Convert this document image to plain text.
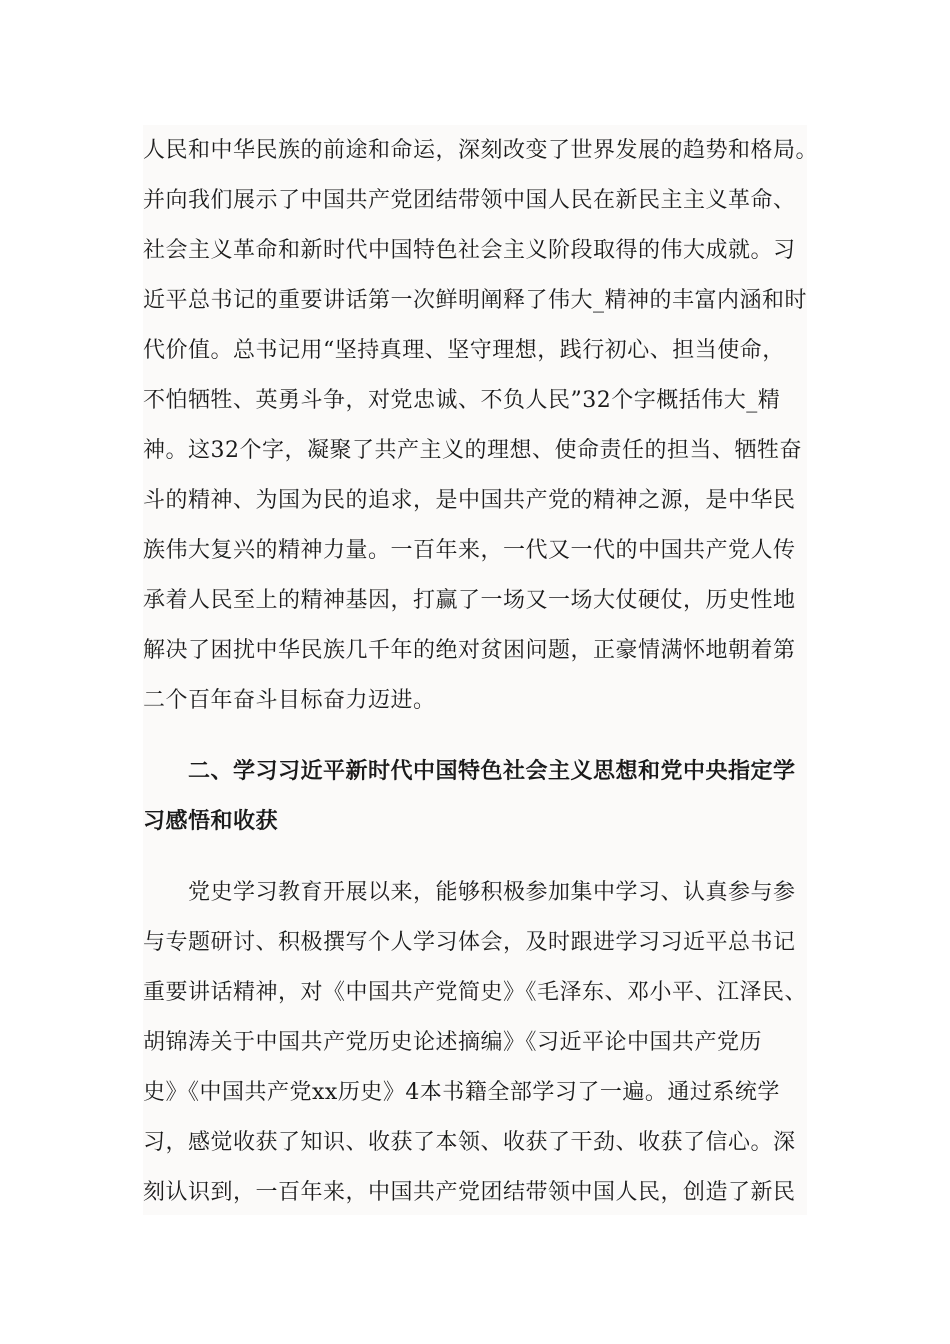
人民和中华民族的前途和命运，深刻改变了世界发展的趋势和格局。
并向我们展示了中国共产党团结带领中国人民在新民主主义革命、
社会主义革命和新时代中国特色社会主义阶段取得的伟大成就。习
近平总书记的重要讲话第一次鲜明阐释了伟大_精神的丰富内涵和时
代价值。总书记用“坚持真理、坚守理想，践行初心、担当使命，
不怕牺牲、英勇斗争，对党忠诚、不负人民”32个字概括伟大_精
神。这32个字，凝聚了共产主义的理想、使命责任的担当、牺牲奋
斗的精神、为国为民的追求，是中国共产党的精神之源，是中华民
族伟大复兴的精神力量。一百年来，一代又一代的中国共产党人传
承着人民至上的精神基因，打赢了一场又一场大仗硬仗，历史性地
解决了困扰中华民族几千年的绝对贫困问题，正豪情满怀地朝着第
二个百年奋斗目标奋力迈进。
二、学习习近平新时代中国特色社会主义思想和党中央指定学
习感悟和收获
党史学习教育开展以来，能够积极参加集中学习、认真参与参
与专题研讨、积极撰写个人学习体会，及时跟进学习习近平总书记
重要讲话精神，对《中国共产党简史》《毛泽东、邓小平、江泽民、
胡锦涛关于中国共产党历史论述摘编》《习近平论中国共产党历
史》《中国共产党xx历史》4本书籍全部学习了一遍。通过系统学
习，感觉收获了知识、收获了本领、收获了干劲、收获了信心。深
刻认识到，一百年来，中国共产党团结带领中国人民，创造了新民
